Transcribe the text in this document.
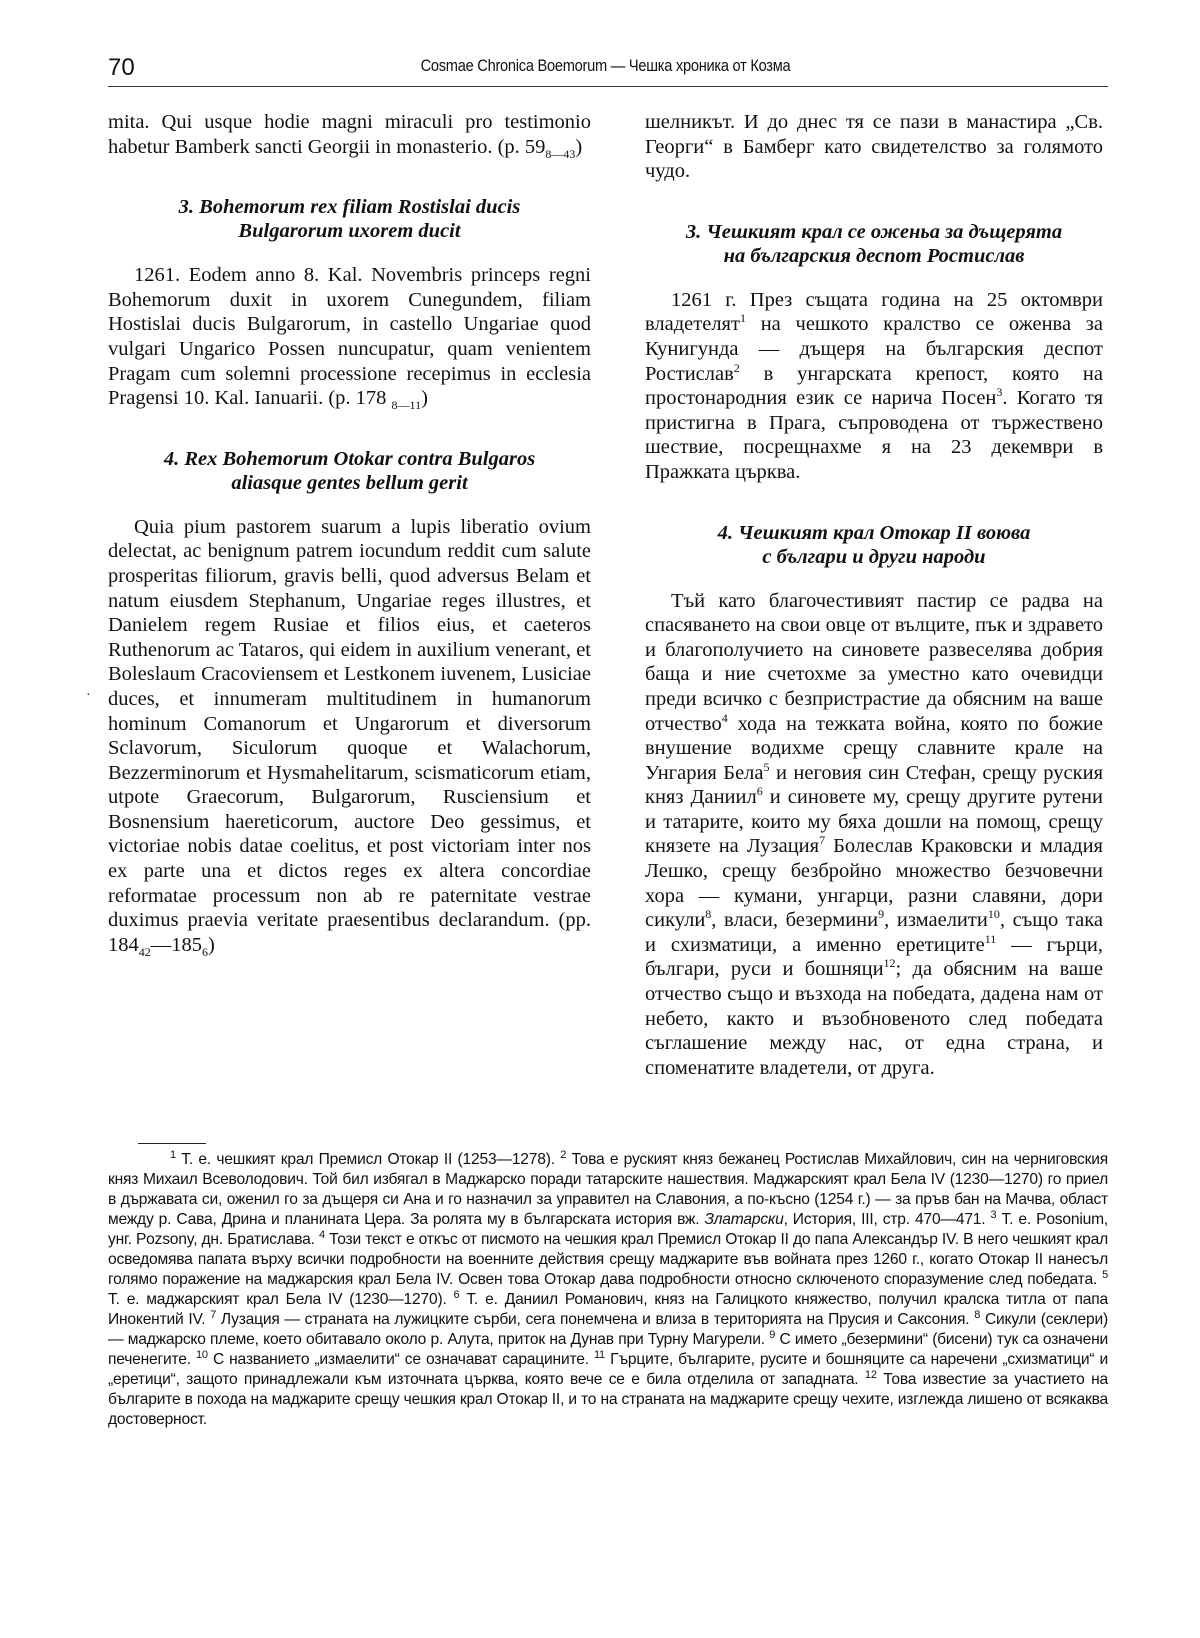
70	Cosmae Chronica Boemorum — Чешка хроника от Козма
·

mita. Qui usque hodie magni miraculi pro testimonio habetur Bamberk sancti Georgii in monasterio. (p. $59_{8—43}$)

3. Bohemorum rex filiam Rostislai ducis
Bulgarorum uxorem ducit

1261. Eodem anno 8. Kal. Novembris princeps regni Bohemorum duxit in uxorem Cunegundem, filiam Hostislai ducis Bulgarorum, in castello Ungariae quod vulgari Ungarico Possen nuncupatur, quam venientem Pragam cum solemni processione recepimus in ecclesia Pragensi 10. Kal. Ianuarii. (p. 178 $_{8—11}$)

4. Rex Bohemorum Otokar contra Bulgaros
aliasque gentes bellum gerit

Quia pium pastorem suarum a lupis liberatio ovium delectat, ac benignum patrem iocundum reddit cum salute prosperitas filiorum, gravis belli, quod adversus Belam et natum eiusdem Stephanum, Ungariae reges illustres, et Danielem regem Rusiae et filios eius, et caeteros Ruthenorum ac Tataros, qui eidem in auxilium venerant, et Boleslaum Cracoviensem et Lestkonem iuvenem, Lusiciae duces, et innumeram multitudinem in humanorum hominum Comanorum et Ungarorum et diversorum Sclavorum, Siculorum quoque et Walachorum, Bezzerminorum et Hysmahelitarum, scismaticorum etiam, utpote Graecorum, Bulgarorum, Rusciensium et Bosnensium haereticorum, auctore Deo gessimus, et victoriae nobis datae coelitus, et post victoriam inter nos ex parte una et dictos reges ex altera concordiae reformatae processum non ab re paternitate vestrae duximus praevia veritate praesentibus declarandum. (pp. $184_{42}—185_6$)

шелникът. И до днес тя се пази в манастира „Св. Георги“ в Бамберг като свидетелство за голямото чудо.

3. Чешкият крал се оженьа за дъщерята
на българския деспот Ростислав

1261 г. През същата година на 25 октомври владетелят$^1$ на чешкото кралство се оженва за Кунигунда — дъщеря на българския деспот Ростислав$^2$ в унгарската крепост, която на простонародния език се нарича Посен$^3$. Когато тя пристигна в Прага, съпроводена от тържествено шествие, посрещнахме я на 23 декември в Пражката църква.

4. Чешкият крал Отокар II воюва
с българи и други народи

Тъй като благочестивият пастир се радва на спасяването на свои овце от вълците, пък и здравето и благополучието на синовете развеселява добрия баща и ние счетохме за уместно като очевидци преди всичко с безпристрастие да обясним на ваше отчество$^4$ хода на тежката война, която по божие внушение водихме срещу славните крале на Унгария Бела$^5$ и неговия син Стефан, срещу руския княз Даниил$^6$ и синовете му, срещу другите рутени и татарите, които му бяха дошли на помощ, срещу князете на Лузация$^7$ Болеслав Краковски и младия Лешко, срещу безбройно множество безчовечни хора — кумани, унгарци, разни славяни, дори сикули$^8$, власи, безермини$^9$, измаелити$^{10}$, също така и схизматици, а именно еретиците$^{11}$ — гърци, българи, руси и бошняци$^{12}$; да обясним на ваше отчество също и възхода на победата, дадена нам от небето, както и възобновеното след победата съглашение между нас, от една страна, и споменатите владетели, от друга.

$^1$ Т. е. чешкият крал Премисл Отокар II (1253—1278). $^2$ Това е руският княз бежанец Ростислав Михайлович, син на черниговския княз Михаил Всеволодович. Той бил избягал в Маджарско поради татарските нашествия. Маджарският крал Бела IV (1230—1270) го приел в държавата си, оженил го за дъщеря си Ана и го назначил за управител на Славония, а по-късно (1254 г.) — за пръв бан на Мачва, област между р. Сава, Дрина и планината Цера. За ролята му в българската история вж. Златарски, История, III, стр. 470—471. $^3$ Т. е. Posonium, унг. Pozsony, дн. Братислава. $^4$ Този текст е откъс от писмото на чешкия крал Премисл Отокар II до папа Александър IV. В него чешкият крал осведомява папата върху всички подробности на военните действия срещу маджарите във войната през 1260 г., когато Отокар II нанесъл голямо поражение на маджарския крал Бела IV. Освен това Отокар дава подробности относно сключеното споразумение след победата. $^5$ Т. е. маджарският крал Бела IV (1230—1270). $^6$ Т. е. Даниил Романович, княз на Галицкото княжество, получил кралска титла от папа Инокентий IV. $^7$ Лузация — страната на лужицките сърби, сега понемчена и влиза в територията на Прусия и Саксония. $^8$ Сикули (секлери) — маджарско племе, което обитавало около р. Алута, приток на Дунав при Турну Магурели. $^9$ С името „безермини“ (бисени) тук са означени печенегите. $^{10}$ С названието „измаелити“ се означават сарацините. $^{11}$ Гърците, българите, русите и бошняците са наречени „схизматици“ и „еретици“, защото принадлежали към източната църква, която вече се е била отделила от западната. $^{12}$ Това известие за участието на българите в похода на маджарите срещу чешкия крал Отокар II, и то на страната на маджарите срещу чехите, изглежда лишено от всякаква достоверност.
